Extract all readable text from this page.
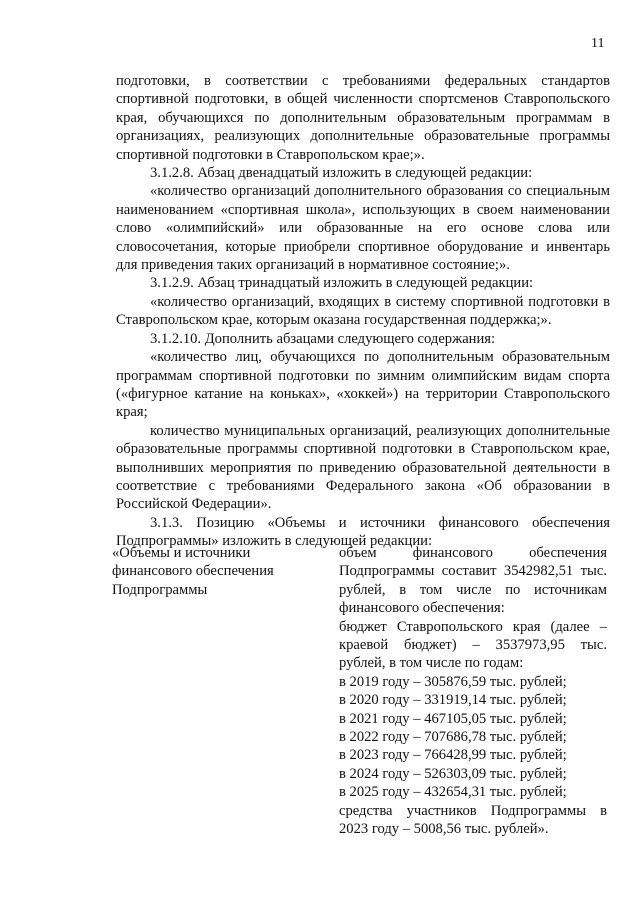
11

подготовки, в соответствии с требованиями федеральных стандартов спортивной подготовки, в общей численности спортсменов Ставропольского края, обучающихся по дополнительным образовательным программам в организациях, реализующих дополнительные образовательные программы спортивной подготовки в Ставропольском крае;».

3.1.2.8. Абзац двенадцатый изложить в следующей редакции:

«количество организаций дополнительного образования со специальным наименованием «спортивная школа», использующих в своем наименовании слово «олимпийский» или образованные на его основе слова или словосочетания, которые приобрели спортивное оборудование и инвентарь для приведения таких организаций в нормативное состояние;».

3.1.2.9. Абзац тринадцатый изложить в следующей редакции:

«количество организаций, входящих в систему спортивной подготовки в Ставропольском крае, которым оказана государственная поддержка;».

3.1.2.10. Дополнить абзацами следующего содержания:

«количество лиц, обучающихся по дополнительным образовательным программам спортивной подготовки по зимним олимпийским видам спорта («фигурное катание на коньках», «хоккей») на территории Ставропольского края;

количество муниципальных организаций, реализующих дополнительные образовательные программы спортивной подготовки в Ставропольском крае, выполнивших мероприятия по приведению образовательной деятельности в соответствие с требованиями Федерального закона «Об образовании в Российской Федерации».

3.1.3. Позицию «Объемы и источники финансового обеспечения Подпрограммы» изложить в следующей редакции:

«Объемы и источники
финансового обеспечения
Подпрограммы

объем финансового обеспечения Подпрограммы составит 3542982,51 тыс. рублей, в том числе по источникам финансового обеспечения:

бюджет Ставропольского края (далее – краевой бюджет) – 3537973,95 тыс. рублей, в том числе по годам:

в 2019 году – 305876,59 тыс. рублей;

в 2020 году – 331919,14 тыс. рублей;

в 2021 году – 467105,05 тыс. рублей;

в 2022 году – 707686,78 тыс. рублей;

в 2023 году – 766428,99 тыс. рублей;

в 2024 году – 526303,09 тыс. рублей;

в 2025 году – 432654,31 тыс. рублей;

средства участников Подпрограммы в 2023 году – 5008,56 тыс. рублей».
